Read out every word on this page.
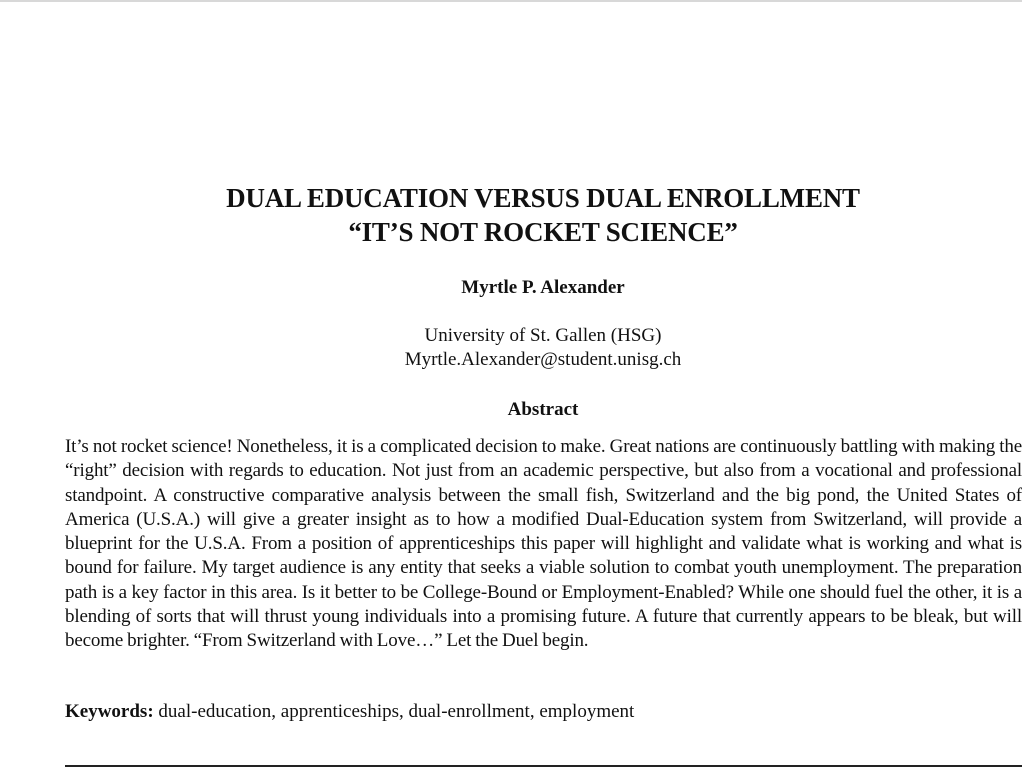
DUAL EDUCATION VERSUS DUAL ENROLLMENT
“IT’S NOT ROCKET SCIENCE”
Myrtle P. Alexander
University of St. Gallen (HSG)
Myrtle.Alexander@student.unisg.ch
Abstract
It’s not rocket science! Nonetheless, it is a complicated decision to make. Great nations are continuously battling with making the “right” decision with regards to education. Not just from an academic perspective, but also from a vocational and professional standpoint. A constructive comparative analysis between the small fish, Switzerland and the big pond, the United States of America (U.S.A.) will give a greater insight as to how a modified Dual-Education system from Switzerland, will provide a blueprint for the U.S.A. From a position of apprenticeships this paper will highlight and validate what is working and what is bound for failure. My target audience is any entity that seeks a viable solution to combat youth unemployment. The preparation path is a key factor in this area. Is it better to be College-Bound or Employment-Enabled? While one should fuel the other, it is a blending of sorts that will thrust young individuals into a promising future. A future that currently appears to be bleak, but will become brighter. “From Switzerland with Love…” Let the Duel begin.
Keywords: dual-education, apprenticeships, dual-enrollment, employment
